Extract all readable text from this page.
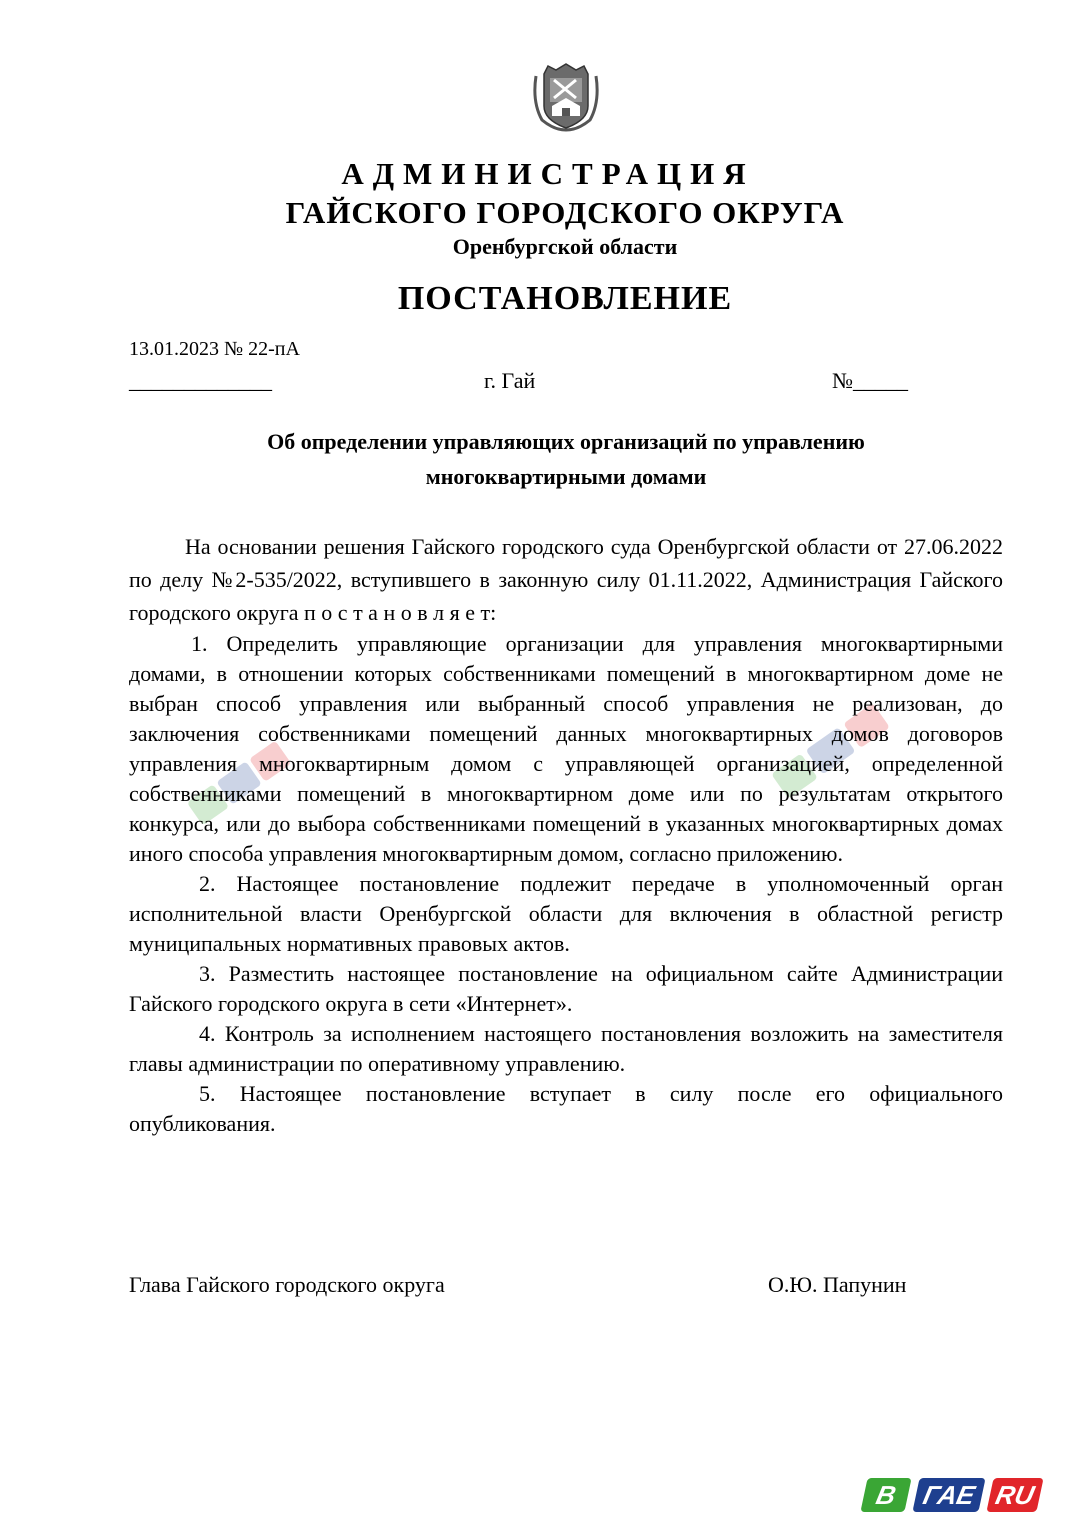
АДМИНИСТРАЦИЯ
ГАЙСКОГО ГОРОДСКОГО ОКРУГА
Оренбургской области
ПОСТАНОВЛЕНИЕ
13.01.2023 № 22-пА
_____________	г. Гай	№_____
Об определении управляющих организаций по управлению
многоквартирными домами

На основании решения Гайского городского суда Оренбургской области от 27.06.2022 по делу №2-535/2022, вступившего в законную силу 01.11.2022, Администрация Гайского городского округа п о с т а н о в л я е т:

1. Определить управляющие организации для управления многоквартирными домами, в отношении которых собственниками помещений в многоквартирном доме не выбран способ управления или выбранный способ управления не реализован, до заключения собственниками помещений данных многоквартирных домов договоров управления многоквартирным домом с управляющей организацией, определенной собственниками помещений в многоквартирном доме или по результатам открытого конкурса, или до выбора собственниками помещений в указанных многоквартирных домах иного способа управления многоквартирным домом, согласно приложению.

2. Настоящее постановление подлежит передаче в уполномоченный орган исполнительной власти Оренбургской области для включения в областной регистр муниципальных нормативных правовых актов.

3. Разместить настоящее постановление на официальном сайте Администрации Гайского городского округа в сети «Интернет».

4. Контроль за исполнением настоящего постановления возложить на заместителя главы администрации по оперативному управлению.

5. Настоящее постановление вступает в силу после его официального опубликования.

Глава Гайского городского округа	О.Ю. Папунин
В ГАЕ RU
